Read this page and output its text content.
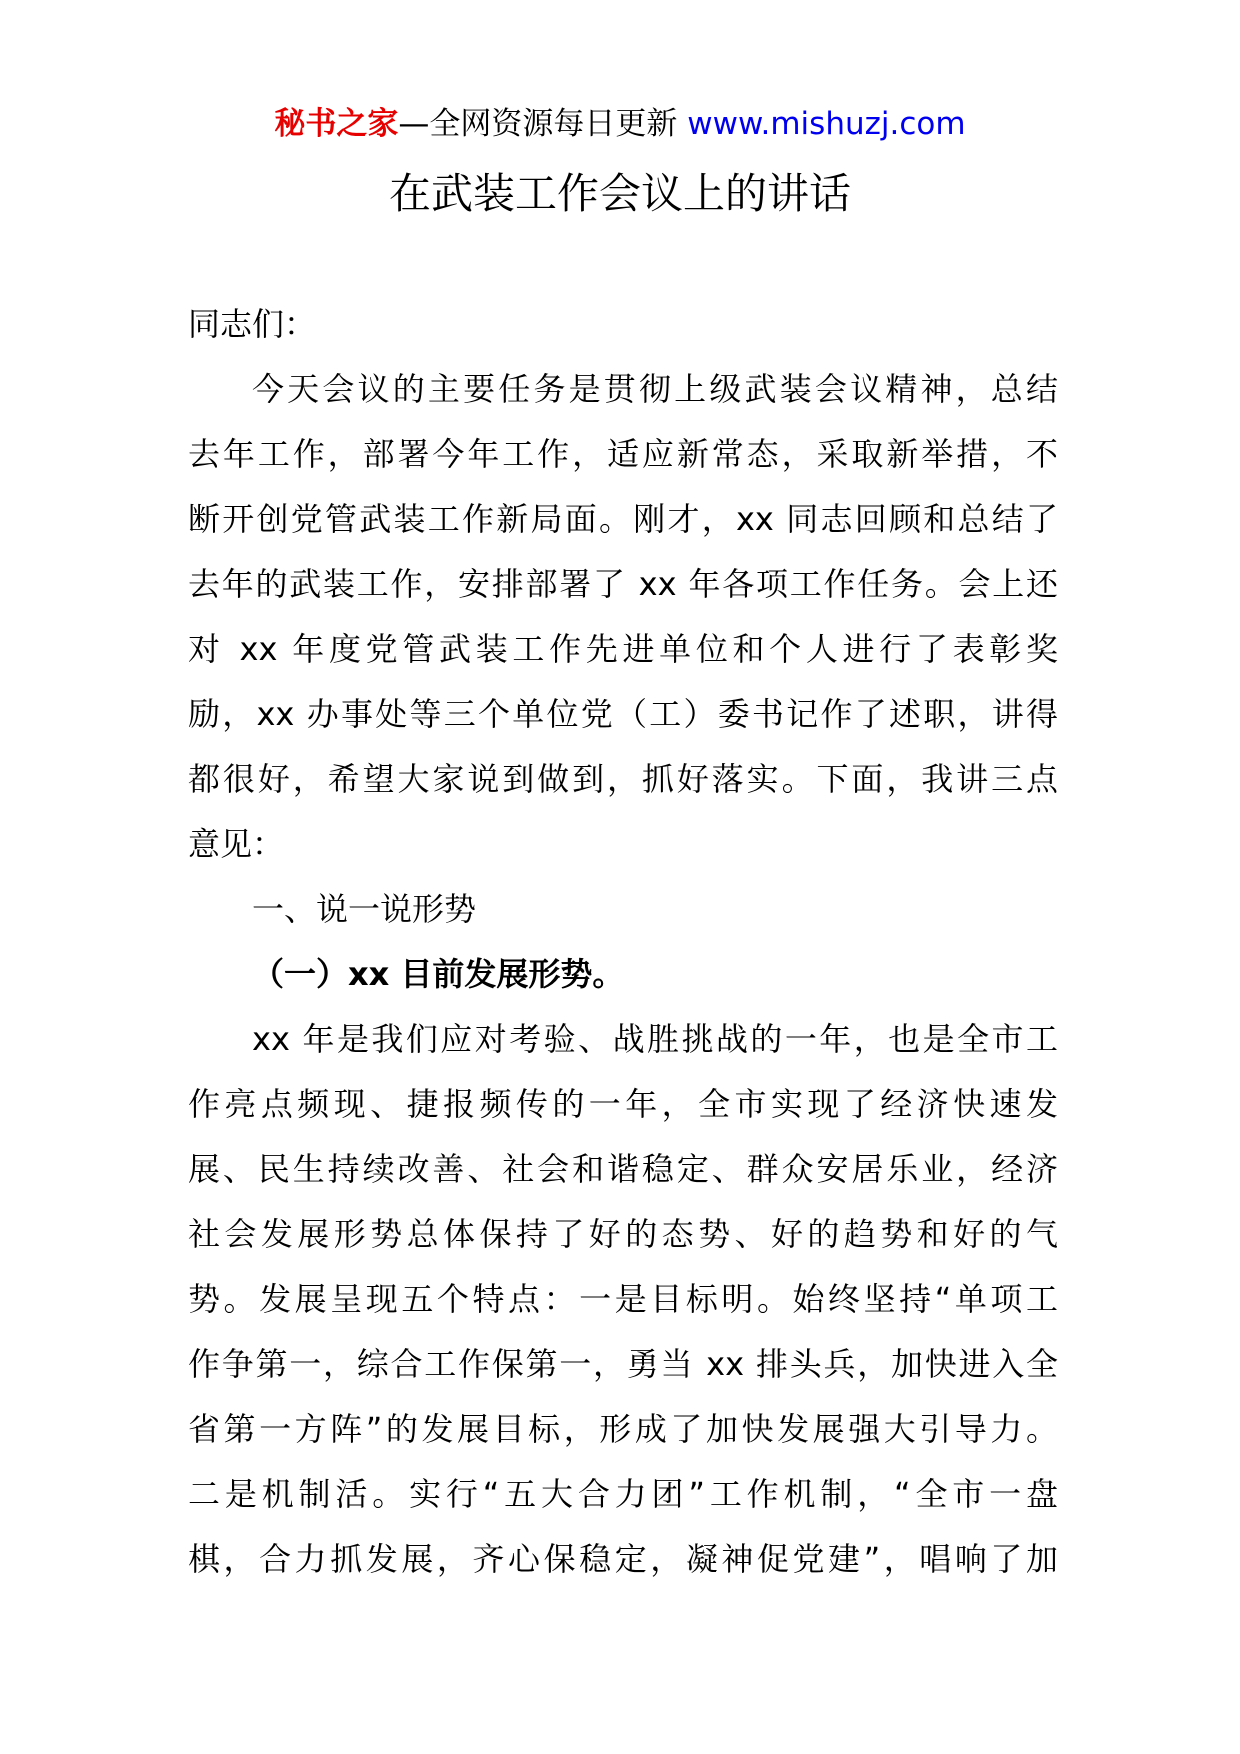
秘书之家—全网资源每日更新 www.mishuzj.com
在武装工作会议上的讲话
同志们：
今天会议的主要任务是贯彻上级武装会议精神，总结
去年工作，部署今年工作，适应新常态，采取新举措，不
断开创党管武装工作新局面。刚才，xx 同志回顾和总结了
去年的武装工作，安排部署了 xx 年各项工作任务。会上还
对 xx 年度党管武装工作先进单位和个人进行了表彰奖
励，xx 办事处等三个单位党（工）委书记作了述职，讲得
都很好，希望大家说到做到，抓好落实。下面，我讲三点
意见：
一、说一说形势
（一）xx 目前发展形势。
xx 年是我们应对考验、战胜挑战的一年，也是全市工
作亮点频现、捷报频传的一年，全市实现了经济快速发
展、民生持续改善、社会和谐稳定、群众安居乐业，经济
社会发展形势总体保持了好的态势、好的趋势和好的气
势。发展呈现五个特点：一是目标明。始终坚持“单项工
作争第一，综合工作保第一，勇当 xx 排头兵，加快进入全
省第一方阵”的发展目标，形成了加快发展强大引导力。
二是机制活。实行“五大合力团”工作机制，“全市一盘
棋，合力抓发展，齐心保稳定，凝神促党建”，唱响了加
